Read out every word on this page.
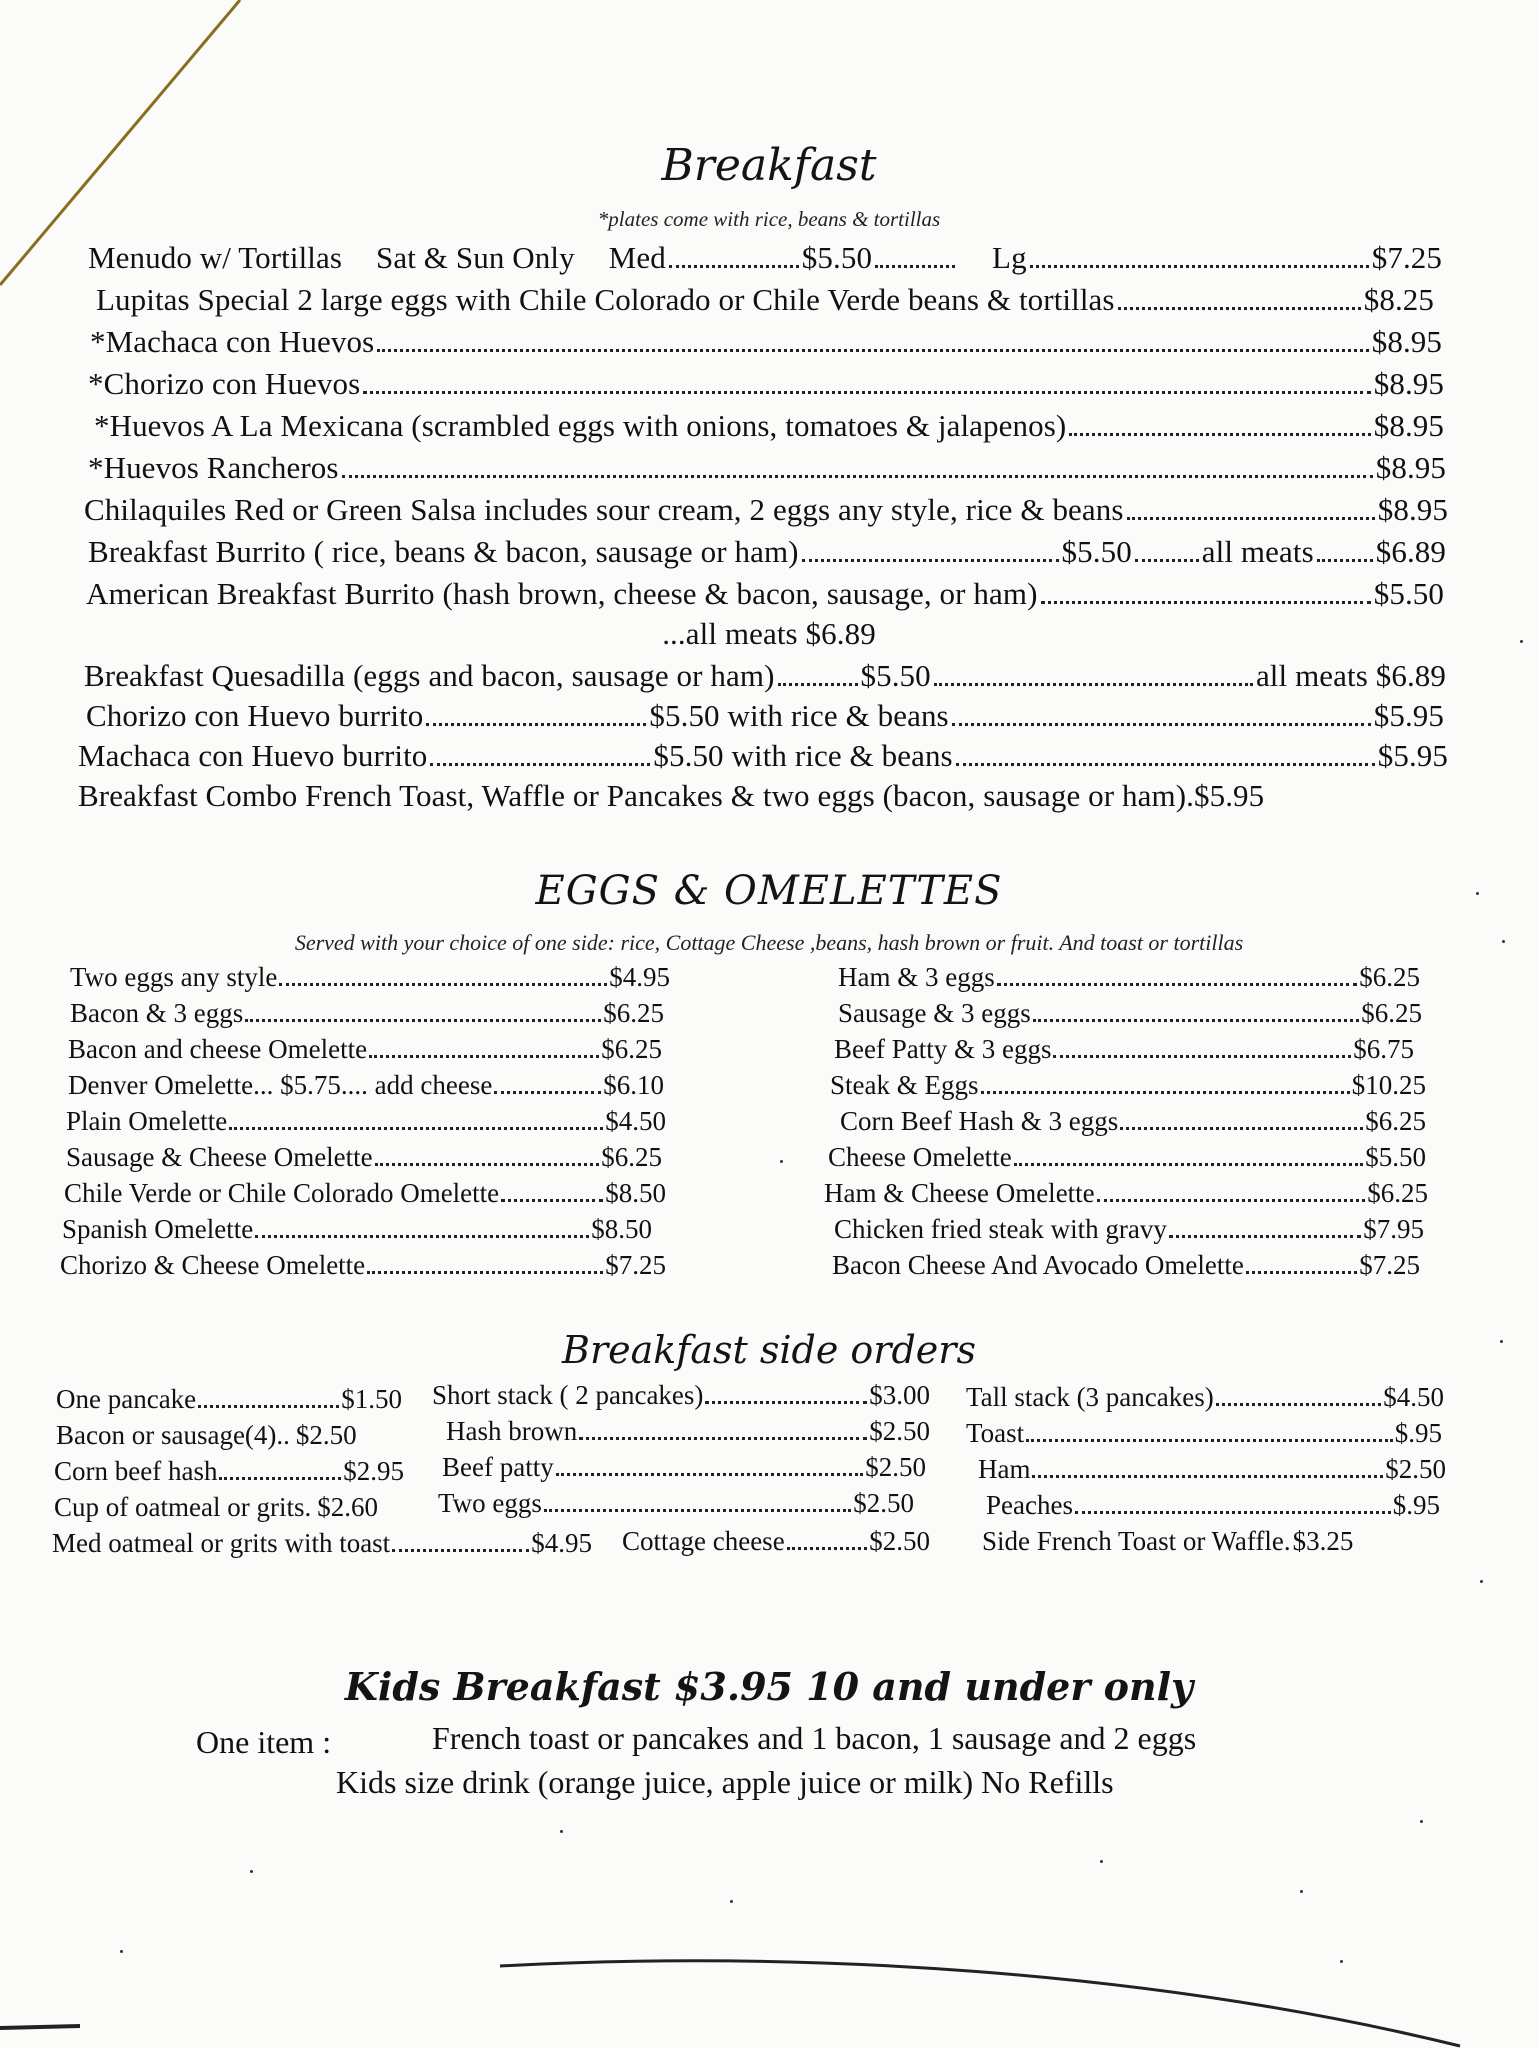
Breakfast
*plates come with rice, beans & tortillas
Menudo w/ Tortillas Sat & Sun Only Med	$5.50	Lg	$7.25
Lupitas Special 2 large eggs with Chile Colorado or Chile Verde beans & tortillas	$8.25
*Machaca con Huevos	$8.95
*Chorizo con Huevos	$8.95
*Huevos A La Mexicana (scrambled eggs with onions, tomatoes & jalapenos)	$8.95
*Huevos Rancheros	$8.95
Chilaquiles Red or Green Salsa includes sour cream, 2 eggs any style, rice & beans	$8.95
Breakfast Burrito ( rice, beans & bacon, sausage or ham)	$5.50 all meats $6.89
American Breakfast Burrito (hash brown, cheese & bacon, sausage, or ham)	$5.50
...all meats $6.89
Breakfast Quesadilla (eggs and bacon, sausage or ham)	$5.50	all meats $6.89
Chorizo con Huevo burrito	$5.50 with rice & beans	$5.95
Machaca con Huevo burrito	$5.50 with rice & beans	$5.95
Breakfast Combo French Toast, Waffle or Pancakes & two eggs (bacon, sausage or ham). $5.95
EGGS & OMELETTES
Served with your choice of one side: rice, Cottage Cheese ,beans, hash brown or fruit. And toast or tortillas
Two eggs any style	$4.95
Bacon & 3 eggs	$6.25
Bacon and cheese Omelette	$6.25
Denver Omelette... $5.75.... add cheese	$6.10
Plain Omelette	$4.50
Sausage & Cheese Omelette	$6.25
Chile Verde or Chile Colorado Omelette	$8.50
Spanish Omelette	$8.50
Chorizo & Cheese Omelette	$7.25
Ham & 3 eggs	$6.25
Sausage & 3 eggs	$6.25
Beef Patty & 3 eggs	$6.75
Steak & Eggs	$10.25
Corn Beef Hash & 3 eggs	$6.25
Cheese Omelette	$5.50
Ham & Cheese Omelette	$6.25
Chicken fried steak with gravy	$7.95
Bacon Cheese And Avocado Omelette	$7.25
Breakfast side orders
One pancake	$1.50
Bacon or sausage(4).. $2.50
Corn beef hash	$2.95
Cup of oatmeal or grits. $2.60
Med oatmeal or grits with toast	$4.95
Short stack ( 2 pancakes)	$3.00
Hash brown	$2.50
Beef patty	$2.50
Two eggs	$2.50
Cottage cheese	$2.50
Tall stack (3 pancakes)	$4.50
Toast	$.95
Ham	$2.50
Peaches	$.95
Side French Toast or Waffle. $3.25
Kids Breakfast $3.95 10 and under only
One item :	French toast or pancakes and 1 bacon, 1 sausage and 2 eggs
Kids size drink (orange juice, apple juice or milk) No Refills
